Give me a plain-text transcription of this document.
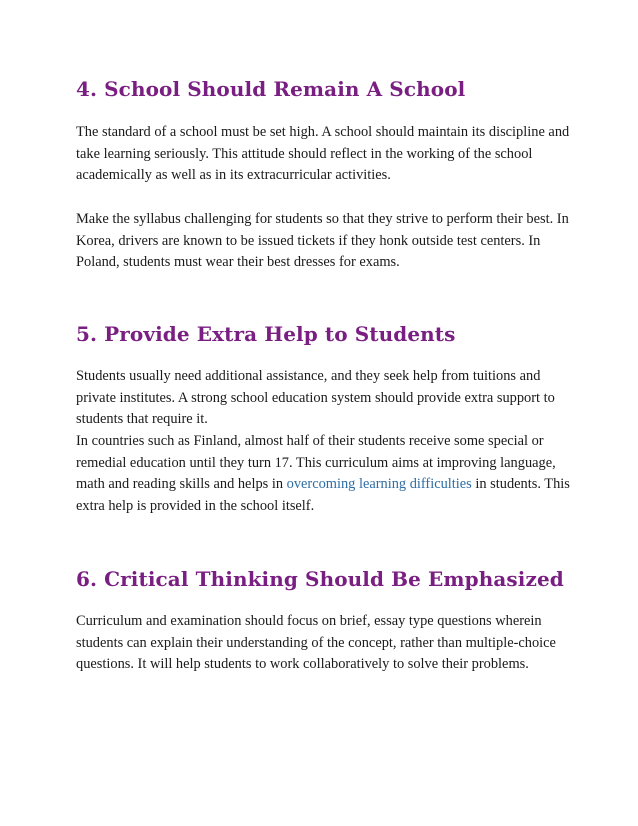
4. School Should Remain A School

The standard of a school must be set high. A school should maintain its discipline and take learning seriously. This attitude should reflect in the working of the school academically as well as in its extracurricular activities.

Make the syllabus challenging for students so that they strive to perform their best. In Korea, drivers are known to be issued tickets if they honk outside test centers. In Poland, students must wear their best dresses for exams.

5. Provide Extra Help to Students

Students usually need additional assistance, and they seek help from tuitions and private institutes. A strong school education system should provide extra support to students that require it.

In countries such as Finland, almost half of their students receive some special or remedial education until they turn 17. This curriculum aims at improving language, math and reading skills and helps in overcoming learning difficulties in students. This extra help is provided in the school itself.

6. Critical Thinking Should Be Emphasized

Curriculum and examination should focus on brief, essay type questions wherein students can explain their understanding of the concept, rather than multiple-choice questions. It will help students to work collaboratively to solve their problems.
